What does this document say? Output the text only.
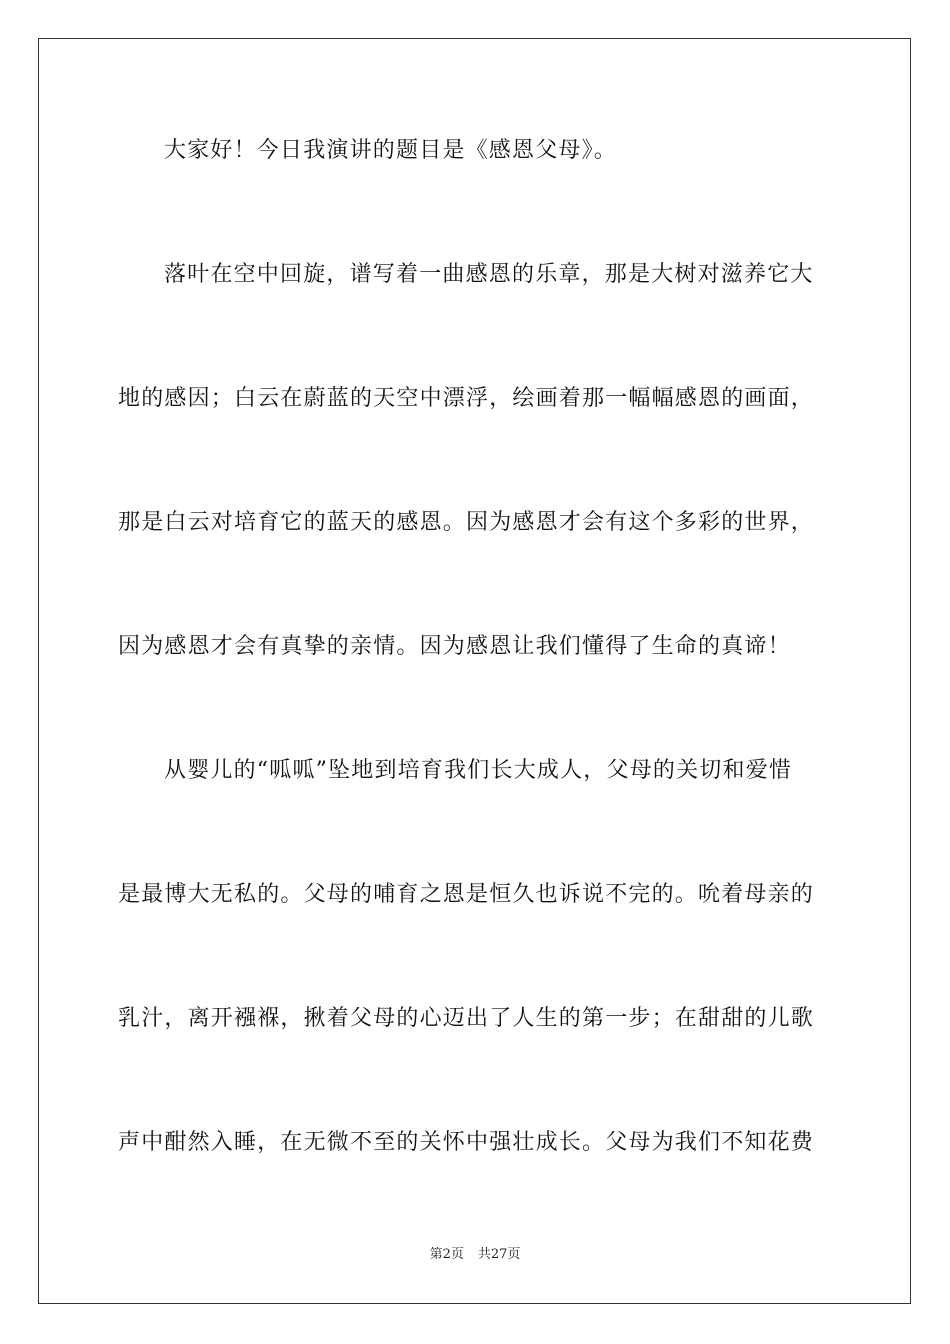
大家好！今日我演讲的题目是《感恩父母》。
落叶在空中回旋，谱写着一曲感恩的乐章，那是大树对滋养它大
地的感因；白云在蔚蓝的天空中漂浮，绘画着那一幅幅感恩的画面，
那是白云对培育它的蓝天的感恩。因为感恩才会有这个多彩的世界，
因为感恩才会有真挚的亲情。因为感恩让我们懂得了生命的真谛！
从婴儿的“呱呱”坠地到培育我们长大成人，父母的关切和爱惜
是最博大无私的。父母的哺育之恩是恒久也诉说不完的。吮着母亲的
乳汁，离开襁褓，揪着父母的心迈出了人生的第一步；在甜甜的儿歌
声中酣然入睡，在无微不至的关怀中强壮成长。父母为我们不知花费
第2页 共27页
